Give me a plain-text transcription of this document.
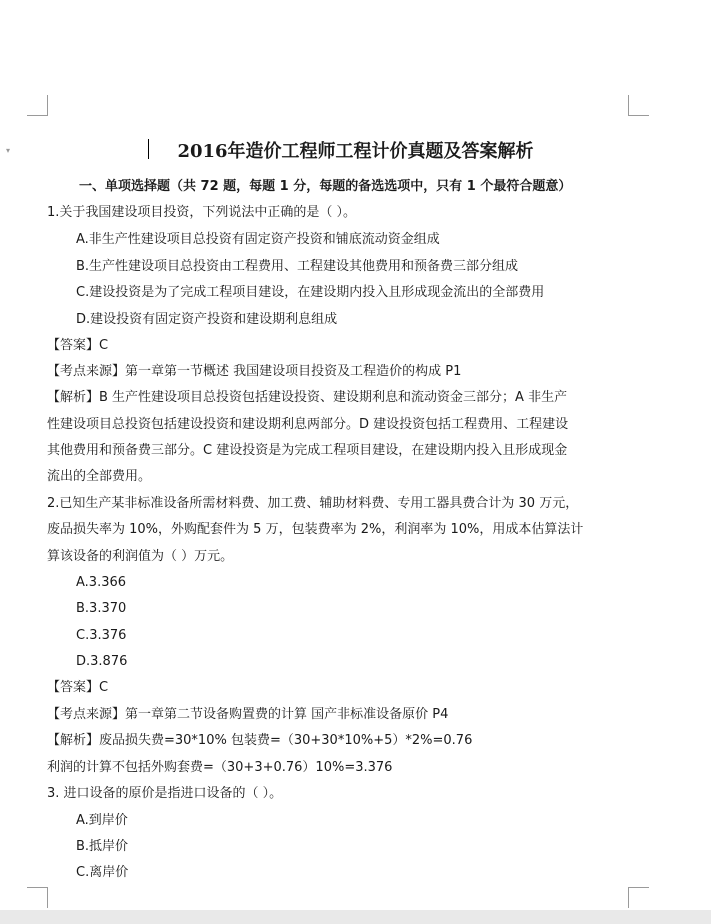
▾	2016年造价工程师工程计价真题及答案解析
一、单项选择题（共 72 题，每题 1 分，每题的备选选项中，只有 1 个最符合题意）
1.关于我国建设项目投资，下列说法中正确的是（ ）。
A.非生产性建设项目总投资有固定资产投资和铺底流动资金组成
B.生产性建设项目总投资由工程费用、工程建设其他费用和预备费三部分组成
C.建设投资是为了完成工程项目建设，在建设期内投入且形成现金流出的全部费用
D.建设投资有固定资产投资和建设期利息组成
【答案】C
【考点来源】第一章第一节概述 我国建设项目投资及工程造价的构成 P1
【解析】B 生产性建设项目总投资包括建设投资、建设期利息和流动资金三部分；A 非生产
性建设项目总投资包括建设投资和建设期利息两部分。D 建设投资包括工程费用、工程建设
其他费用和预备费三部分。C 建设投资是为完成工程项目建设，在建设期内投入且形成现金
流出的全部费用。
2.已知生产某非标准设备所需材料费、加工费、辅助材料费、专用工器具费合计为 30 万元，
废品损失率为 10%，外购配套件为 5 万，包装费率为 2%，利润率为 10%，用成本估算法计
算该设备的利润值为（ ）万元。
A.3.366
B.3.370
C.3.376
D.3.876
【答案】C
【考点来源】第一章第二节设备购置费的计算 国产非标准设备原价 P4
【解析】废品损失费=30*10% 包装费=（30+30*10%+5）*2%=0.76
利润的计算不包括外购套费=（30+3+0.76）10%=3.376
3. 进口设备的原价是指进口设备的（ ）。
A.到岸价
B.抵岸价
C.离岸价
